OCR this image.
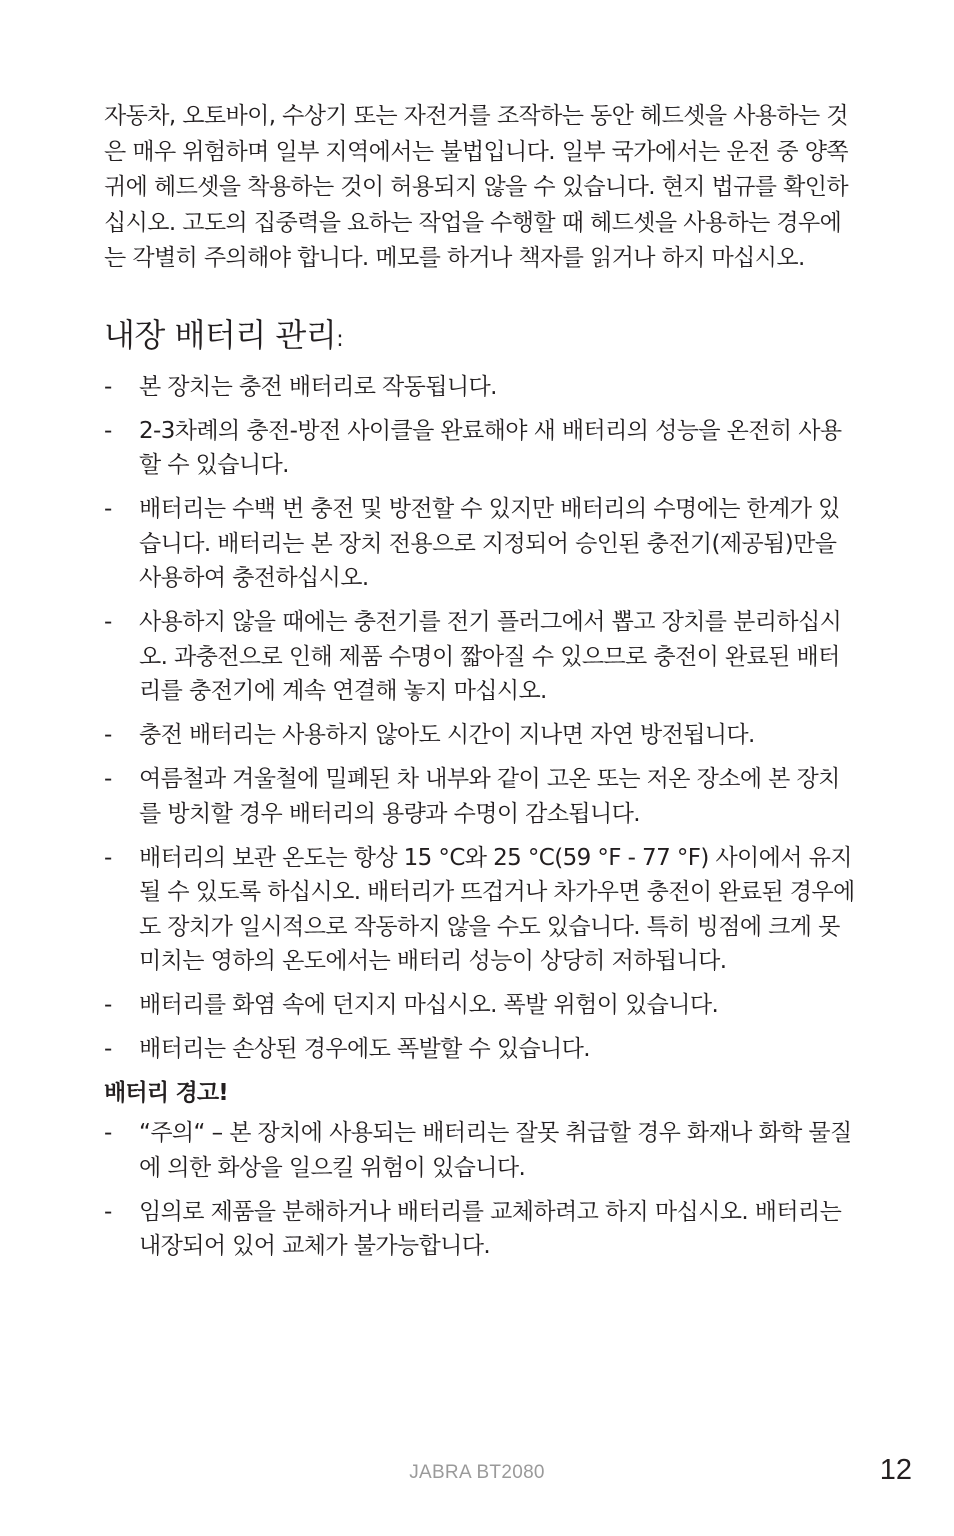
자동차, 오토바이, 수상기 또는 자전거를 조작하는 동안 헤드셋을 사용하는 것은 매우 위험하며 일부 지역에서는 불법입니다. 일부 국가에서는 운전 중 양쪽 귀에 헤드셋을 착용하는 것이 허용되지 않을 수 있습니다. 현지 법규를 확인하십시오. 고도의 집중력을 요하는 작업을 수행할 때 헤드셋을 사용하는 경우에는 각별히 주의해야 합니다. 메모를 하거나 책자를 읽거나 하지 마십시오.

내장 배터리 관리:
- 본 장치는 충전 배터리로 작동됩니다.
- 2-3차례의 충전-방전 사이클을 완료해야 새 배터리의 성능을 온전히 사용할 수 있습니다.
- 배터리는 수백 번 충전 및 방전할 수 있지만 배터리의 수명에는 한계가 있습니다. 배터리는 본 장치 전용으로 지정되어 승인된 충전기(제공됨)만을 사용하여 충전하십시오.
- 사용하지 않을 때에는 충전기를 전기 플러그에서 뽑고 장치를 분리하십시오. 과충전으로 인해 제품 수명이 짧아질 수 있으므로 충전이 완료된 배터리를 충전기에 계속 연결해 놓지 마십시오.
- 충전 배터리는 사용하지 않아도 시간이 지나면 자연 방전됩니다.
- 여름철과 겨울철에 밀폐된 차 내부와 같이 고온 또는 저온 장소에 본 장치를 방치할 경우 배터리의 용량과 수명이 감소됩니다.
- 배터리의 보관 온도는 항상 15 °C와 25 °C(59 °F - 77 °F) 사이에서 유지될 수 있도록 하십시오. 배터리가 뜨겁거나 차가우면 충전이 완료된 경우에도 장치가 일시적으로 작동하지 않을 수도 있습니다. 특히 빙점에 크게 못 미치는 영하의 온도에서는 배터리 성능이 상당히 저하됩니다.
- 배터리를 화염 속에 던지지 마십시오. 폭발 위험이 있습니다.
- 배터리는 손상된 경우에도 폭발할 수 있습니다.
배터리 경고!
- “주의“ – 본 장치에 사용되는 배터리는 잘못 취급할 경우 화재나 화학 물질에 의한 화상을 일으킬 위험이 있습니다.
- 임의로 제품을 분해하거나 배터리를 교체하려고 하지 마십시오. 배터리는 내장되어 있어 교체가 불가능합니다.
JABRA BT2080	12
